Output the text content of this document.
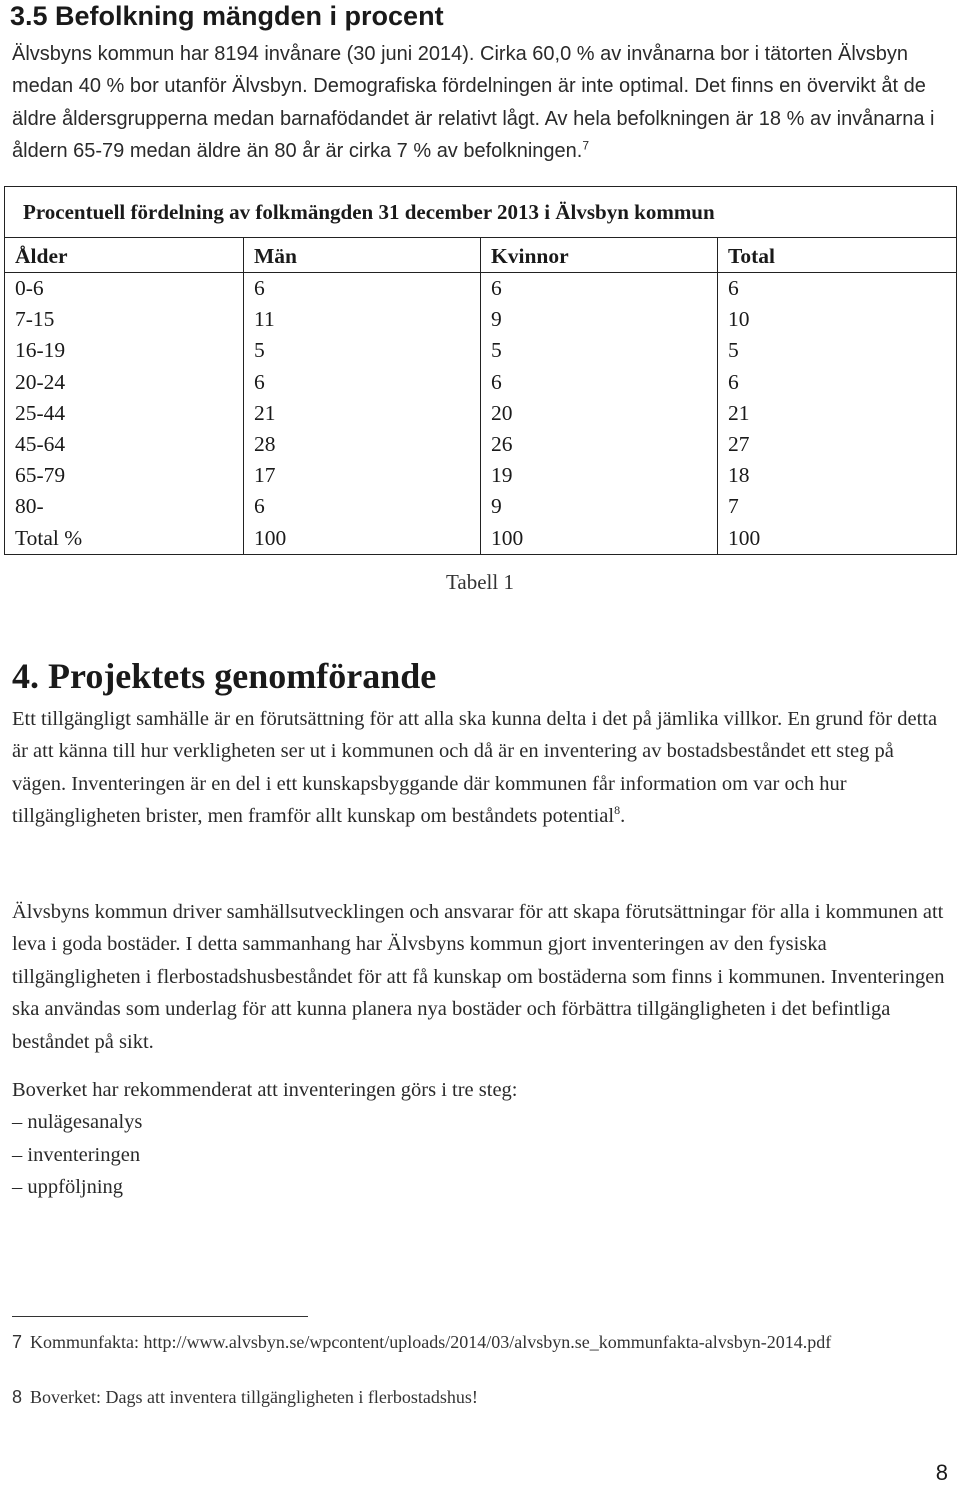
3.5 Befolkning mängden i procent

Älvsbyns kommun har 8194 invånare (30 juni 2014). Cirka 60,0 % av invånarna bor i tätorten Älvsbyn medan 40 % bor utanför Älvsbyn. Demografiska fördelningen är inte optimal. Det finns en övervikt åt de äldre åldersgrupperna medan barnafödandet är relativt lågt. Av hela befolkningen är 18 % av invånarna i åldern 65-79 medan äldre än 80 år är cirka 7 % av befolkningen.$^7$

Procentuell fördelning av folkmängden 31 december 2013 i Älvsbyn kommun			
Ålder	Män	Kvinnor	Total
0-6	6	6	6
7-15	11	9	10
16-19	5	5	5
20-24	6	6	6
25-44	21	20	21
45-64	28	26	27
65-79	17	19	18
80-	6	9	7
Total %	100	100	100
Tabell 1
4. Projektets genomförande

Ett tillgängligt samhälle är en förutsättning för att alla ska kunna delta i det på jämlika villkor. En grund för detta är att känna till hur verkligheten ser ut i kommunen och då är en inventering av bostadsbeståndet ett steg på vägen. Inventeringen är en del i ett kunskapsbyggande där kommunen får information om var och hur tillgängligheten brister, men framför allt kunskap om beståndets potential$^8$.

Älvsbyns kommun driver samhällsutvecklingen och ansvarar för att skapa förutsättningar för alla i kommunen att leva i goda bostäder. I detta sammanhang har Älvsbyns kommun gjort inventeringen av den fysiska tillgängligheten i flerbostadshusbeståndet för att få kunskap om bostäderna som finns i kommunen. Inventeringen ska användas som underlag för att kunna planera nya bostäder och förbättra tillgängligheten i det befintliga beståndet på sikt.

Boverket har rekommenderat att inventeringen görs i tre steg:
– nulägesanalys
– inventeringen
– uppföljning

7 Kommunfakta: http://www.alvsbyn.se/wpcontent/uploads/2014/03/alvsbyn.se_kommunfakta-alvsbyn-2014.pdf

8 Boverket: Dags att inventera tillgängligheten i flerbostadshus!

8
